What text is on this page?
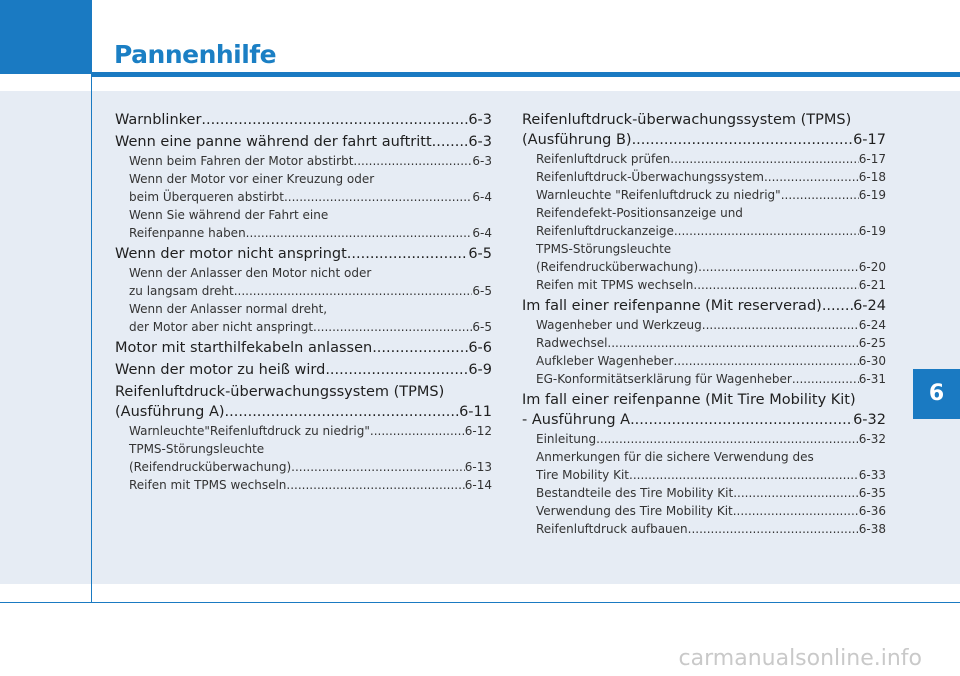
Pannenhilfe
6
Warnblinker .....	6-3
Wenn eine panne während der fahrt auftritt .....	6-3
Wenn beim Fahren der Motor abstirbt .....	6-3
Wenn der Motor vor einer Kreuzung oder
beim Überqueren abstirbt .....	6-4
Wenn Sie während der Fahrt eine
Reifenpanne haben .....	6-4
Wenn der motor nicht anspringt .....	6-5
Wenn der Anlasser den Motor nicht oder
zu langsam dreht .....	6-5
Wenn der Anlasser normal dreht,
der Motor aber nicht anspringt .....	6-5
Motor mit starthilfekabeln anlassen .....	6-6
Wenn der motor zu heiß wird .....	6-9
Reifenluftdruck-überwachungssystem (TPMS)
(Ausführung A) .....	6-11
Warnleuchte"Reifenluftdruck zu niedrig" .....	6-12
TPMS-Störungsleuchte
(Reifendrucküberwachung) .....	6-13
Reifen mit TPMS wechseln .....	6-14
Reifenluftdruck-überwachungssystem (TPMS)
(Ausführung B) .....	6-17
Reifenluftdruck prüfen .....	6-17
Reifenluftdruck-Überwachungssystem .....	6-18
Warnleuchte "Reifenluftdruck zu niedrig" .....	6-19
Reifendefekt-Positionsanzeige und
Reifenluftdruckanzeige .....	6-19
TPMS-Störungsleuchte
(Reifendrucküberwachung) .....	6-20
Reifen mit TPMS wechseln .....	6-21
Im fall einer reifenpanne (Mit reserverad) ..... 6-24
Wagenheber und Werkzeug .....	6-24
Radwechsel .....	6-25
Aufkleber Wagenheber .....	6-30
EG-Konformitätserklärung für Wagenheber .....	6-31
Im fall einer reifenpanne (Mit Tire Mobility Kit)
- Ausführung A .....	6-32
Einleitung .....	6-32
Anmerkungen für die sichere Verwendung des
Tire Mobility Kit .....	6-33
Bestandteile des Tire Mobility Kit .....	6-35
Verwendung des Tire Mobility Kit .....	6-36
Reifenluftdruck aufbauen .....	6-38
carmanualsonline.info
